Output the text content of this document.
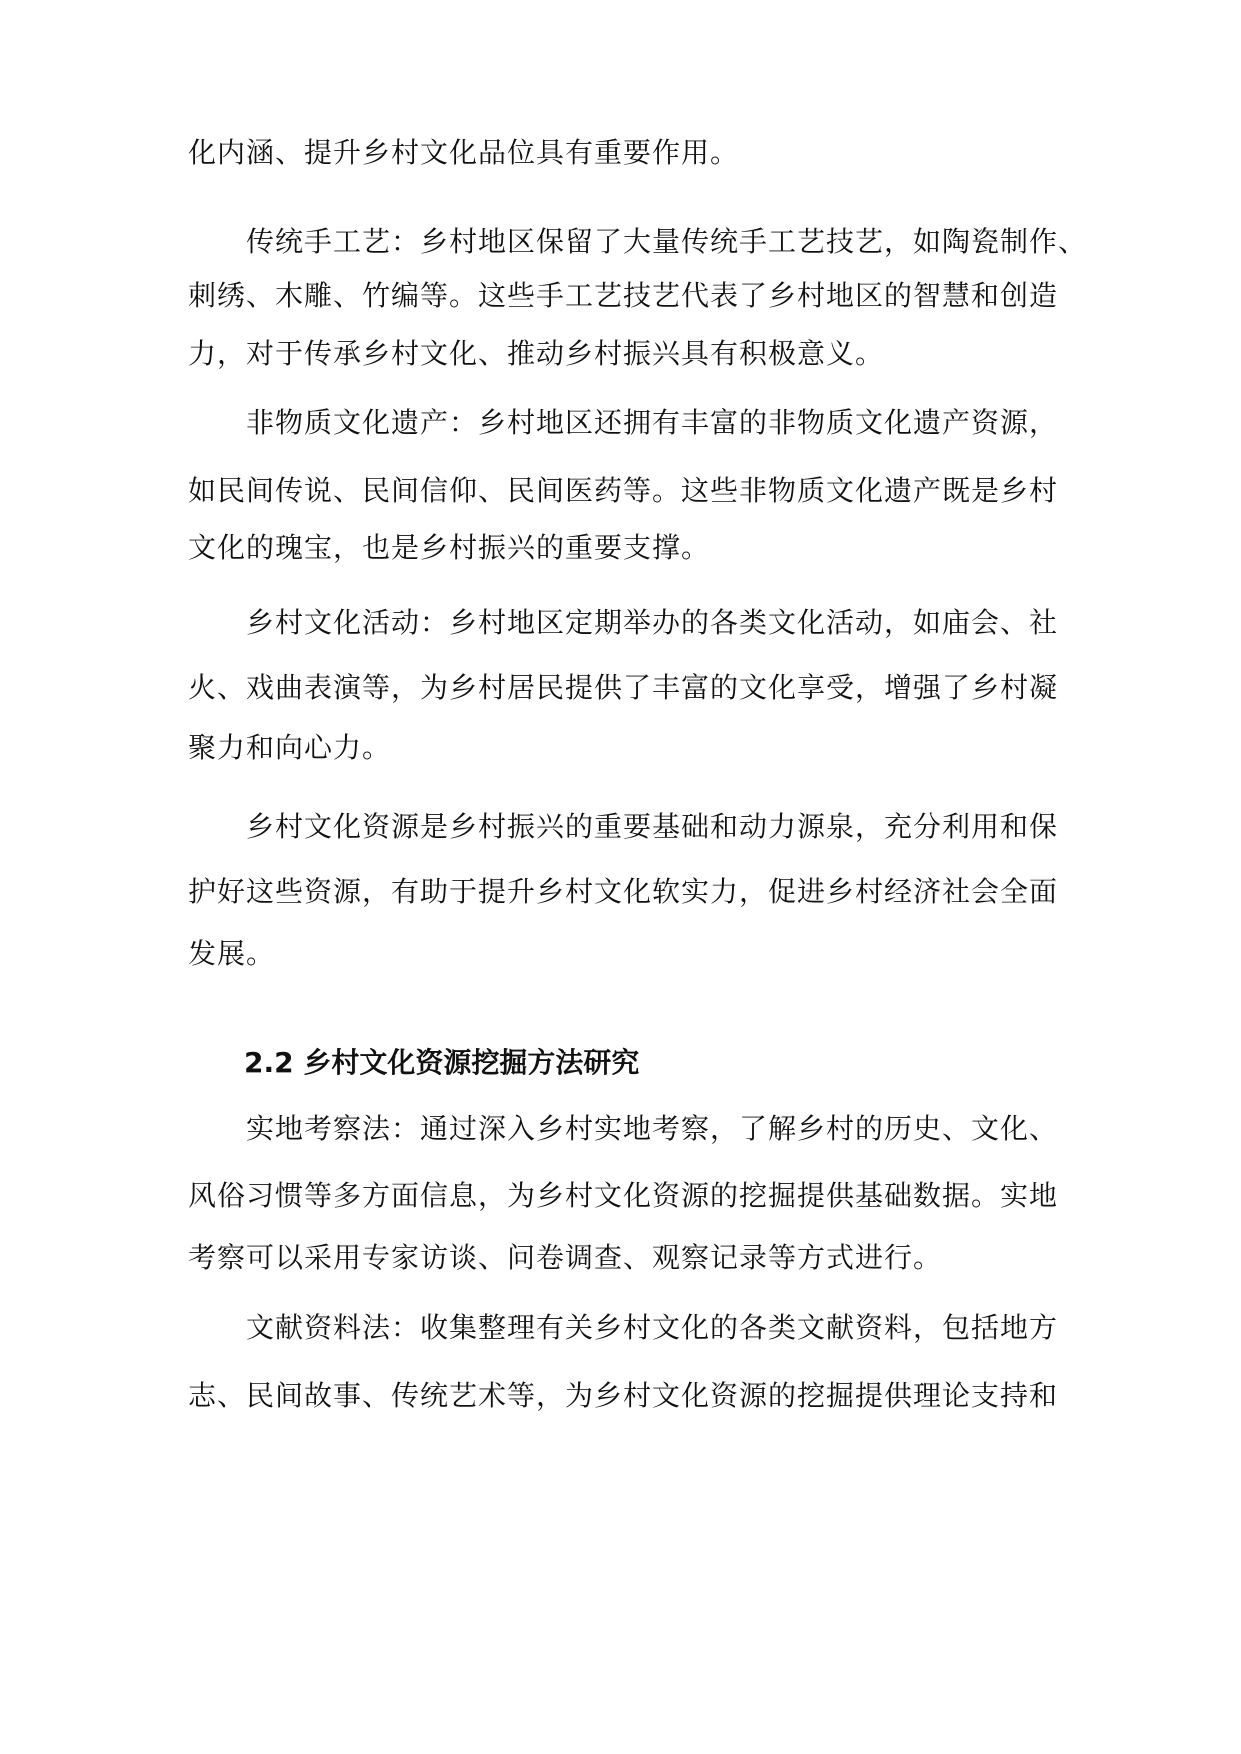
化内涵、提升乡村文化品位具有重要作用。
传统手工艺：乡村地区保留了大量传统手工艺技艺，如陶瓷制作、
刺绣、木雕、竹编等。这些手工艺技艺代表了乡村地区的智慧和创造
力，对于传承乡村文化、推动乡村振兴具有积极意义。
非物质文化遗产：乡村地区还拥有丰富的非物质文化遗产资源，
如民间传说、民间信仰、民间医药等。这些非物质文化遗产既是乡村
文化的瑰宝，也是乡村振兴的重要支撑。
乡村文化活动：乡村地区定期举办的各类文化活动，如庙会、社
火、戏曲表演等，为乡村居民提供了丰富的文化享受，增强了乡村凝
聚力和向心力。
乡村文化资源是乡村振兴的重要基础和动力源泉，充分利用和保
护好这些资源，有助于提升乡村文化软实力，促进乡村经济社会全面
发展。
2.2 乡村文化资源挖掘方法研究
实地考察法：通过深入乡村实地考察，了解乡村的历史、文化、
风俗习惯等多方面信息，为乡村文化资源的挖掘提供基础数据。实地
考察可以采用专家访谈、问卷调查、观察记录等方式进行。
文献资料法：收集整理有关乡村文化的各类文献资料，包括地方
志、民间故事、传统艺术等，为乡村文化资源的挖掘提供理论支持和
